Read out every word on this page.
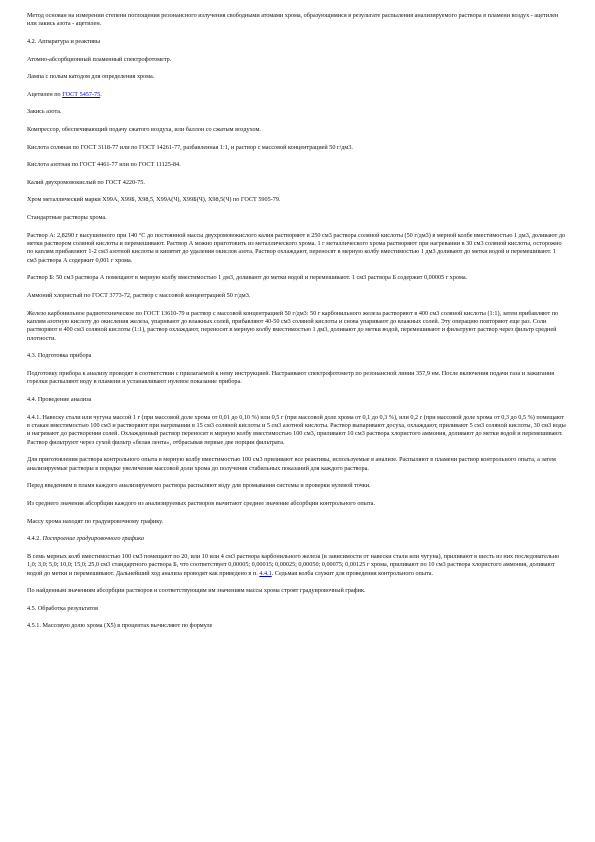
Метод основан на измерении степени поглощения резонансного излучения свободными атомами хрома, образующимися в результате распыления анализируемого раствора в пламени воздух - ацетилен или закись азота - ацетилен.

4.2. Аппаратура и реактивы

Атомно-абсорбционный пламенный спектрофотометр.

Лампа с полым катодом для определения хрома.

Ацетилен по ГОСТ 5457-75.

Закись азота.

Компрессор, обеспечивающий подачу сжатого воздуха, или баллон со сжатым воздухом.

Кислота соляная по ГОСТ 3118-77 или по ГОСТ 14261-77, разбавленная 1:1, и раствор с массовой концентрацией 50 г/дм3.

Кислота азотная по ГОСТ 4461-77 или по ГОСТ 11125-84.

Калий двухромовокислый по ГОСТ 4220-75.

Хром металлический марки Х99А, Х99Б, Х98,5, Х99А(Ч), Х99Б(Ч), Х98,5(Ч) по ГОСТ 5905-79.

Стандартные растворы хрома.

Раствор А: 2,8290 г высушенного при 140 °С до постоянной массы двухромовокислого калия растворяют в 250 см3 раствора соляной кислоты (50 г/дм3) в мерной колбе вместимостью 1 дм3, доливают до метки раствором соляной кислоты и перемешивают. Раствор А можно приготовить из металлического хрома. 1 г металлического хрома растворяют при нагревании в 30 см3 соляной кислоты, осторожно по каплям прибавляют 1-2 см3 азотной кислоты и кипятят до удаления окислов азота. Раствор охлаждают, переносят в мерную колбу вместимостью 1 дм3 доливают до метки водой и перемешивают. 1 см3 раствора А содержит 0,001 г хрома.

Раствор Б: 50 см3 раствора А помещают в мерную колбу вместимостью 1 дм3, доливают до метки водой и перемешивают. 1 см3 раствора Б содержит 0,00005 г хрома.

Аммоний хлористый по ГОСТ 3773-72, раствор с массовой концентрацией 50 г/дм3.

Железо карбонильное радиотехническое по ГОСТ 13610-79 и раствор с массовой концентрацией 50 г/дм3: 50 г карбонильного железа растворяют в 400 см3 соляной кислоты (1:1), затем прибавляют по каплям азотную кислоту до окисления железа, упаривают до влажных солей, прибавляют 40-50 см3 соляной кислоты и снова упаривают до влажных солей. Эту операцию повторяют еще раз. Соли растворяют в 400 см3 соляной кислоты (1:1), раствор охлаждают, переносят в мерную колбу вместимостью 1 дм3, доливают до метки водой, перемешивают и фильтруют раствор через фильтр средней плотности.

4.3. Подготовка прибора

Подготовку прибора к анализу проводят в соответствии с прилагаемой к нему инструкцией. Настраивают спектрофотометр по резонансной линии 357,9 нм. После включения подачи газа и зажигания горелки распыляют воду в пламени и устанавливают нулевое показание прибора.

4.4. Проведение анализа

4.4.1. Навеску стали или чугуна массой 1 г (при массовой доле хрома от 0,01 до 0,10 %) или 0,5 г (при массовой доле хрома от 0,1 до 0,3 %), или 0,2 г (при массовой доле хрома от 0,3 до 0,5 %) помещают в стакан вместимостью 100 см3 и растворяют при нагревании в 15 см3 соляной кислоты и 5 см3 азотной кислоты. Раствор выпаривают досуха, охлаждают, приливают 5 см3 соляной кислоты, 30 см3 воды и нагревают до растворения солей. Охлажденный раствор переносят в мерную колбу вместимостью 100 см3, приливают 10 см3 раствора хлористого аммония, доливают до метки водой и перемешивают. Раствор фильтруют через сухой фильтр «белая лента», отбрасывая первые две порции фильтрата.

Для приготовления раствора контрольного опыта в мерную колбу вместимостью 100 см3 приливают все реактивы, используемые в анализе. Распыляют в пламени раствор контрольного опыта, а затем анализируемые растворы в порядке увеличения массовой доли хрома до получения стабильных показаний для каждого раствора.

Перед введением в пламя каждого анализируемого раствора распыляют воду для промывания системы и проверки нулевой точки.

Из среднего значения абсорбции каждого из анализируемых растворов вычитают среднее значение абсорбции контрольного опыта.

Массу хрома находят по градуировочному графику.

4.4.2. Построение градуировочного графика

В семь мерных колб вместимостью 100 см3 помещают по 20, или 10 или 4 см3 раствора карбонильного железа (в зависимости от навески стали или чугуна), приливают в шесть из них последовательно 1,0; 3,0; 5,0; 10,0; 15,0; 25,0 см3 стандартного раствора Б, что соответствует 0,00005; 0,00015; 0,00025; 0,00050; 0,00075; 0,00125 г хрома, приливают по 10 см3 раствора хлористого аммония, доливают водой до метки и перемешивают. Дальнейший ход анализа проводят как приведено в п. 4.4.1. Седьмая колба служит для проведения контрольного опыта.

По найденным значениям абсорбции растворов и соответствующим им значениям массы хрома строят градуировочный график.

4.5. Обработка результатов

4.5.1. Массовую долю хрома (Х5) в процентах вычисляют по формуле
